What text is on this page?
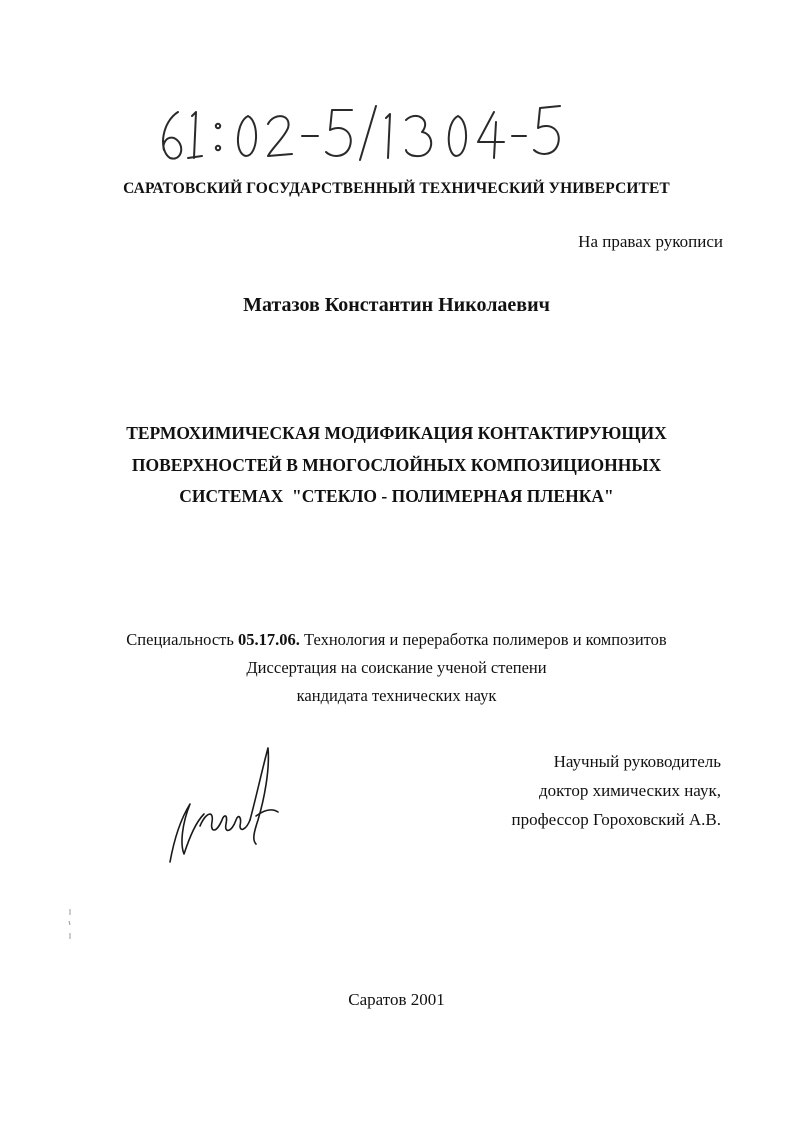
САРАТОВСКИЙ ГОСУДАРСТВЕННЫЙ ТЕХНИЧЕСКИЙ УНИВЕРСИТЕТ
На правах рукописи
Матазов Константин Николаевич
ТЕРМОХИМИЧЕСКАЯ МОДИФИКАЦИЯ КОНТАКТИРУЮЩИХ
ПОВЕРХНОСТЕЙ В МНОГОСЛОЙНЫХ КОМПОЗИЦИОННЫХ
СИСТЕМАХ  "СТЕКЛО - ПОЛИМЕРНАЯ ПЛЕНКА"
Специальность 05.17.06. Технология и переработка полимеров и композитов
Диссертация на соискание ученой степени
кандидата технических наук
Научный руководитель
доктор химических наук,
профессор Гороховский А.В.
Саратов 2001
